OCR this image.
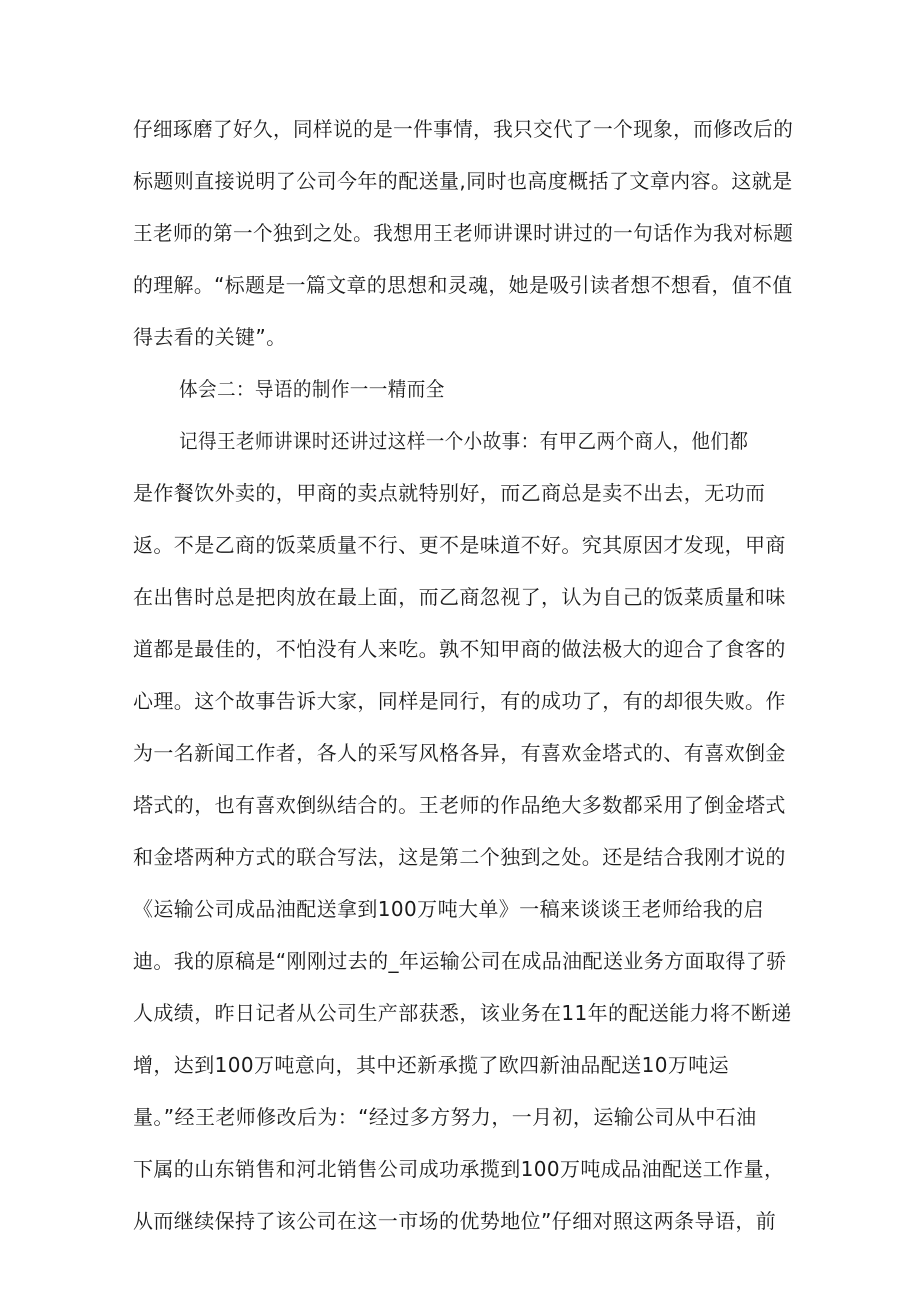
仔细琢磨了好久，同样说的是一件事情，我只交代了一个现象，而修改后的
标题则直接说明了公司今年的配送量,同时也高度概括了文章内容。这就是
王老师的第一个独到之处。我想用王老师讲课时讲过的一句话作为我对标题
的理解。“标题是一篇文章的思想和灵魂，她是吸引读者想不想看，值不值
得去看的关键”。
体会二：导语的制作一一精而全
记得王老师讲课时还讲过这样一个小故事：有甲乙两个商人，他们都
是作餐饮外卖的，甲商的卖点就特别好，而乙商总是卖不出去，无功而
返。不是乙商的饭菜质量不行、更不是味道不好。究其原因才发现，甲商
在出售时总是把肉放在最上面，而乙商忽视了，认为自己的饭菜质量和味
道都是最佳的，不怕没有人来吃。孰不知甲商的做法极大的迎合了食客的
心理。这个故事告诉大家，同样是同行，有的成功了，有的却很失败。作
为一名新闻工作者，各人的采写风格各异，有喜欢金塔式的、有喜欢倒金
塔式的，也有喜欢倒纵结合的。王老师的作品绝大多数都采用了倒金塔式
和金塔两种方式的联合写法，这是第二个独到之处。还是结合我刚才说的
《运输公司成品油配送拿到100万吨大单》一稿来谈谈王老师给我的启
迪。我的原稿是“刚刚过去的_年运输公司在成品油配送业务方面取得了骄
人成绩，昨日记者从公司生产部获悉，该业务在11年的配送能力将不断递
增，达到100万吨意向，其中还新承揽了欧四新油品配送10万吨运
量。”经王老师修改后为：“经过多方努力，一月初，运输公司从中石油
下属的山东销售和河北销售公司成功承揽到100万吨成品油配送工作量，
从而继续保持了该公司在这一市场的优势地位”仔细对照这两条导语，前
